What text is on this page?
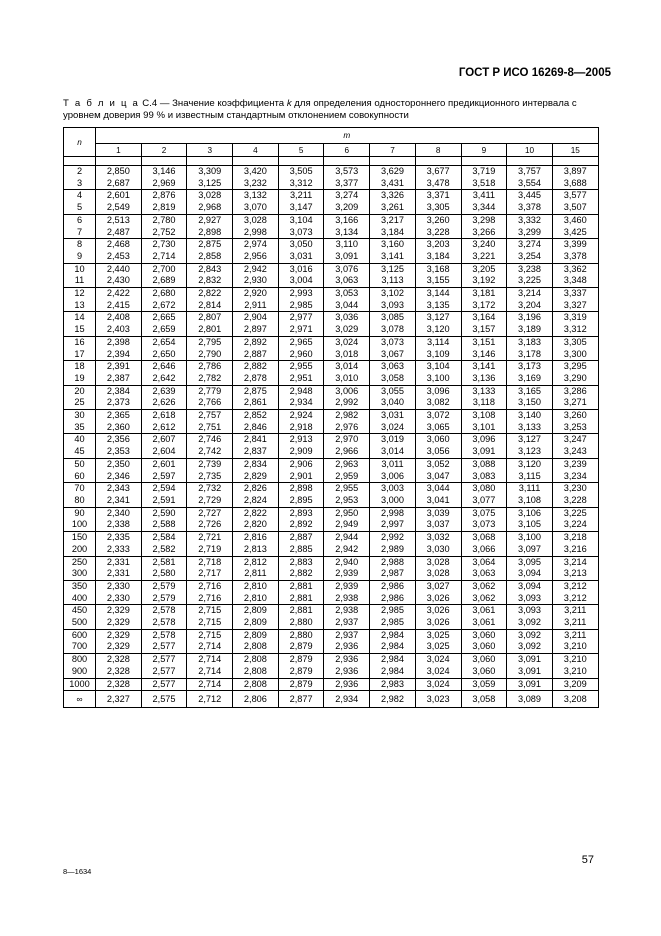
ГОСТ Р ИСО 16269-8—2005
Т а б л и ц а С.4 — Значение коэффициента k для определения одностороннего предикционного интервала с уровнем доверия 99 % и известным стандартным отклонением совокупности
n	m										
	1	2	3	4	5	6	7	8	9	10	15

2	2,850	3,146	3,309	3,420	3,505	3,573	3,629	3,677	3,719	3,757	3,897
3	2,687	2,969	3,125	3,232	3,312	3,377	3,431	3,478	3,518	3,554	3,688
4	2,601	2,876	3,028	3,132	3,211	3,274	3,326	3,371	3,411	3,445	3,577
5	2,549	2,819	2,968	3,070	3,147	3,209	3,261	3,305	3,344	3,378	3,507
6	2,513	2,780	2,927	3,028	3,104	3,166	3,217	3,260	3,298	3,332	3,460
7	2,487	2,752	2,898	2,998	3,073	3,134	3,184	3,228	3,266	3,299	3,425
8	2,468	2,730	2,875	2,974	3,050	3,110	3,160	3,203	3,240	3,274	3,399
9	2,453	2,714	2,858	2,956	3,031	3,091	3,141	3,184	3,221	3,254	3,378
10	2,440	2,700	2,843	2,942	3,016	3,076	3,125	3,168	3,205	3,238	3,362
11	2,430	2,689	2,832	2,930	3,004	3,063	3,113	3,155	3,192	3,225	3,348
12	2,422	2,680	2,822	2,920	2,993	3,053	3,102	3,144	3,181	3,214	3,337
13	2,415	2,672	2,814	2,911	2,985	3,044	3,093	3,135	3,172	3,204	3,327
14	2,408	2,665	2,807	2,904	2,977	3,036	3,085	3,127	3,164	3,196	3,319
15	2,403	2,659	2,801	2,897	2,971	3,029	3,078	3,120	3,157	3,189	3,312
16	2,398	2,654	2,795	2,892	2,965	3,024	3,073	3,114	3,151	3,183	3,305
17	2,394	2,650	2,790	2,887	2,960	3,018	3,067	3,109	3,146	3,178	3,300
18	2,391	2,646	2,786	2,882	2,955	3,014	3,063	3,104	3,141	3,173	3,295
19	2,387	2,642	2,782	2,878	2,951	3,010	3,058	3,100	3,136	3,169	3,290
20	2,384	2,639	2,779	2,875	2,948	3,006	3,055	3,096	3,133	3,165	3,286
25	2,373	2,626	2,766	2,861	2,934	2,992	3,040	3,082	3,118	3,150	3,271
30	2,365	2,618	2,757	2,852	2,924	2,982	3,031	3,072	3,108	3,140	3,260
35	2,360	2,612	2,751	2,846	2,918	2,976	3,024	3,065	3,101	3,133	3,253
40	2,356	2,607	2,746	2,841	2,913	2,970	3,019	3,060	3,096	3,127	3,247
45	2,353	2,604	2,742	2,837	2,909	2,966	3,014	3,056	3,091	3,123	3,243
50	2,350	2,601	2,739	2,834	2,906	2,963	3,011	3,052	3,088	3,120	3,239
60	2,346	2,597	2,735	2,829	2,901	2,959	3,006	3,047	3,083	3,115	3,234
70	2,343	2,594	2,732	2,826	2,898	2,955	3,003	3,044	3,080	3,111	3,230
80	2,341	2,591	2,729	2,824	2,895	2,953	3,000	3,041	3,077	3,108	3,228
90	2,340	2,590	2,727	2,822	2,893	2,950	2,998	3,039	3,075	3,106	3,225
100	2,338	2,588	2,726	2,820	2,892	2,949	2,997	3,037	3,073	3,105	3,224
150	2,335	2,584	2,721	2,816	2,887	2,944	2,992	3,032	3,068	3,100	3,218
200	2,333	2,582	2,719	2,813	2,885	2,942	2,989	3,030	3,066	3,097	3,216
250	2,331	2,581	2,718	2,812	2,883	2,940	2,988	3,028	3,064	3,095	3,214
300	2,331	2,580	2,717	2,811	2,882	2,939	2,987	3,028	3,063	3,094	3,213
350	2,330	2,579	2,716	2,810	2,881	2,939	2,986	3,027	3,062	3,094	3,212
400	2,330	2,579	2,716	2,810	2,881	2,938	2,986	3,026	3,062	3,093	3,212
450	2,329	2,578	2,715	2,809	2,881	2,938	2,985	3,026	3,061	3,093	3,211
500	2,329	2,578	2,715	2,809	2,880	2,937	2,985	3,026	3,061	3,092	3,211
600	2,329	2,578	2,715	2,809	2,880	2,937	2,984	3,025	3,060	3,092	3,211
700	2,329	2,577	2,714	2,808	2,879	2,936	2,984	3,025	3,060	3,092	3,210
800	2,328	2,577	2,714	2,808	2,879	2,936	2,984	3,024	3,060	3,091	3,210
900	2,328	2,577	2,714	2,808	2,879	2,936	2,984	3,024	3,060	3,091	3,210
1000	2,328	2,577	2,714	2,808	2,879	2,936	2,983	3,024	3,059	3,091	3,209
∞	2,327	2,575	2,712	2,806	2,877	2,934	2,982	3,023	3,058	3,089	3,208
8—1634
57
